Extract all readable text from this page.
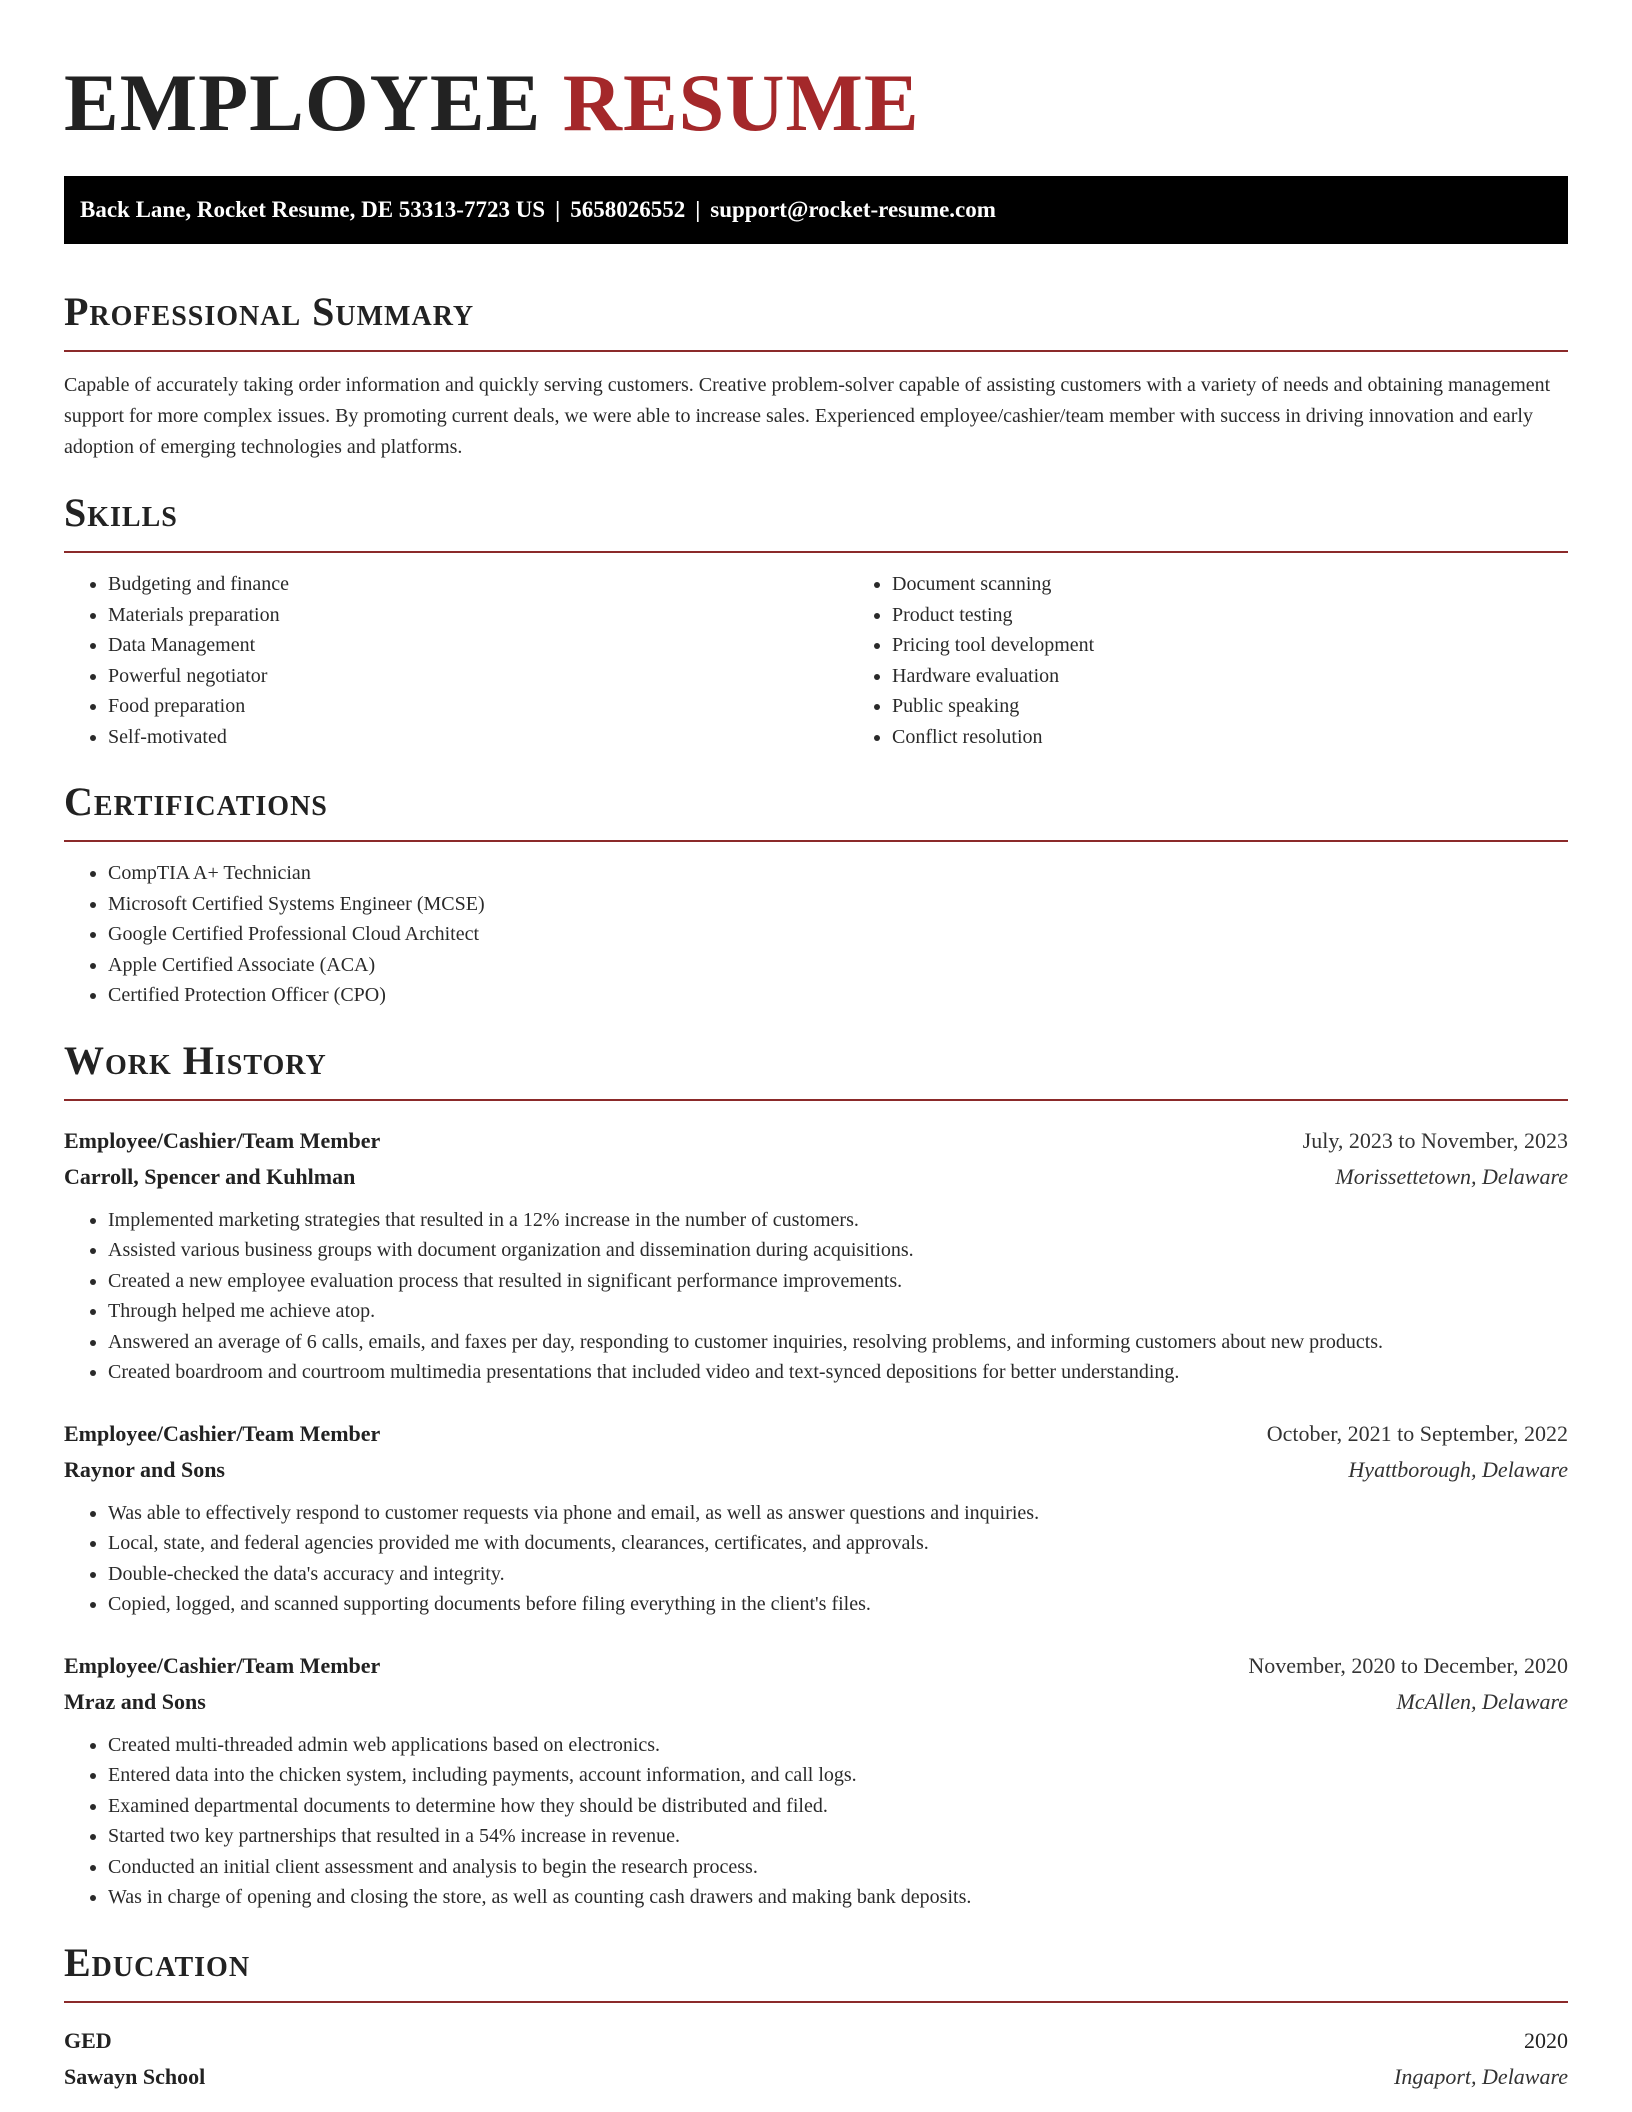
EMPLOYEE RESUME
Back Lane, Rocket Resume, DE 53313-7723 US | 5658026552 | support@rocket-resume.com
Professional Summary

Capable of accurately taking order information and quickly serving customers. Creative problem-solver capable of assisting customers with a variety of needs and obtaining management support for more complex issues. By promoting current deals, we were able to increase sales. Experienced employee/cashier/team member with success in driving innovation and early adoption of emerging technologies and platforms.

Skills
• Budgeting and finance
• Materials preparation
• Data Management
• Powerful negotiator
• Food preparation
• Self-motivated
• Document scanning
• Product testing
• Pricing tool development
• Hardware evaluation
• Public speaking
• Conflict resolution
Certifications
• CompTIA A+ Technician
• Microsoft Certified Systems Engineer (MCSE)
• Google Certified Professional Cloud Architect
• Apple Certified Associate (ACA)
• Certified Protection Officer (CPO)
Work History
Employee/Cashier/Team Member	July, 2023 to November, 2023
Carroll, Spencer and Kuhlman	Morissettetown, Delaware
• Implemented marketing strategies that resulted in a 12% increase in the number of customers.
• Assisted various business groups with document organization and dissemination during acquisitions.
• Created a new employee evaluation process that resulted in significant performance improvements.
• Through helped me achieve atop.
• Answered an average of 6 calls, emails, and faxes per day, responding to customer inquiries, resolving problems, and informing customers about new products.
• Created boardroom and courtroom multimedia presentations that included video and text-synced depositions for better understanding.
Employee/Cashier/Team Member	October, 2021 to September, 2022
Raynor and Sons	Hyattborough, Delaware
• Was able to effectively respond to customer requests via phone and email, as well as answer questions and inquiries.
• Local, state, and federal agencies provided me with documents, clearances, certificates, and approvals.
• Double-checked the data's accuracy and integrity.
• Copied, logged, and scanned supporting documents before filing everything in the client's files.
Employee/Cashier/Team Member	November, 2020 to December, 2020
Mraz and Sons	McAllen, Delaware
• Created multi-threaded admin web applications based on electronics.
• Entered data into the chicken system, including payments, account information, and call logs.
• Examined departmental documents to determine how they should be distributed and filed.
• Started two key partnerships that resulted in a 54% increase in revenue.
• Conducted an initial client assessment and analysis to begin the research process.
• Was in charge of opening and closing the store, as well as counting cash drawers and making bank deposits.
Education
GED	2020
Sawayn School	Ingaport, Delaware
